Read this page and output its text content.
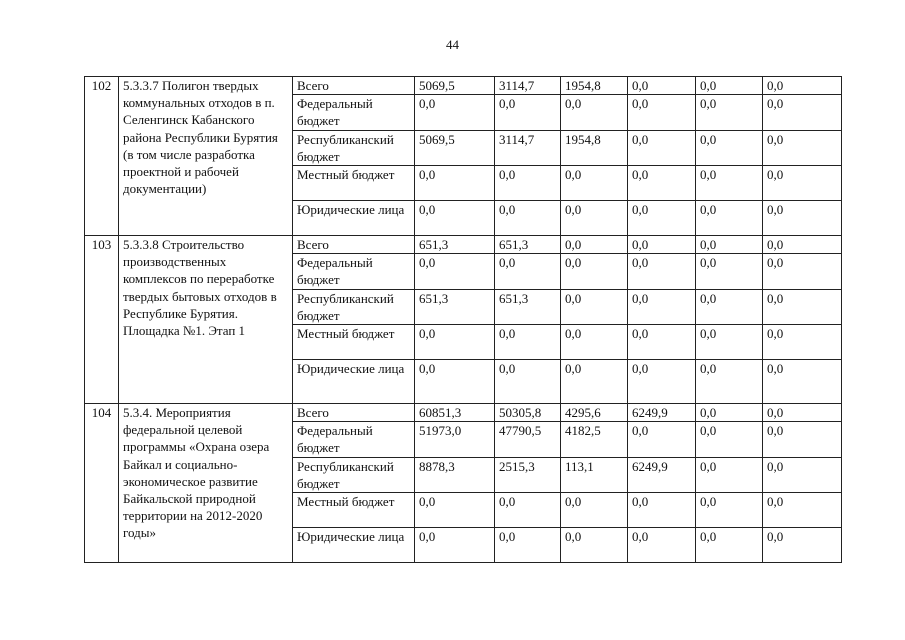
44
102	5.3.3.7 Полигон твердых коммунальных отходов в п. Селенгинск Кабанского района Республики Бурятия (в том числе разработка проектной и рабочей документации)	Всего	5069,5	3114,7	1954,8	0,0	0,0	0,0
		Федеральный бюджет	0,0	0,0	0,0	0,0	0,0	0,0
		Республиканский бюджет	5069,5	3114,7	1954,8	0,0	0,0	0,0
		Местный бюджет	0,0	0,0	0,0	0,0	0,0	0,0
		Юридические лица	0,0	0,0	0,0	0,0	0,0	0,0
103	5.3.3.8 Строительство производственных комплексов по переработке твердых бытовых отходов в Республике Бурятия. Площадка №1. Этап 1	Всего	651,3	651,3	0,0	0,0	0,0	0,0
		Федеральный бюджет	0,0	0,0	0,0	0,0	0,0	0,0
		Республиканский бюджет	651,3	651,3	0,0	0,0	0,0	0,0
		Местный бюджет	0,0	0,0	0,0	0,0	0,0	0,0
		Юридические лица	0,0	0,0	0,0	0,0	0,0	0,0
104	5.3.4. Мероприятия федеральной целевой программы «Охрана озера Байкал и социально-экономическое развитие Байкальской природной территории на 2012-2020 годы»	Всего	60851,3	50305,8	4295,6	6249,9	0,0	0,0
		Федеральный бюджет	51973,0	47790,5	4182,5	0,0	0,0	0,0
		Республиканский бюджет	8878,3	2515,3	113,1	6249,9	0,0	0,0
		Местный бюджет	0,0	0,0	0,0	0,0	0,0	0,0
		Юридические лица	0,0	0,0	0,0	0,0	0,0	0,0
